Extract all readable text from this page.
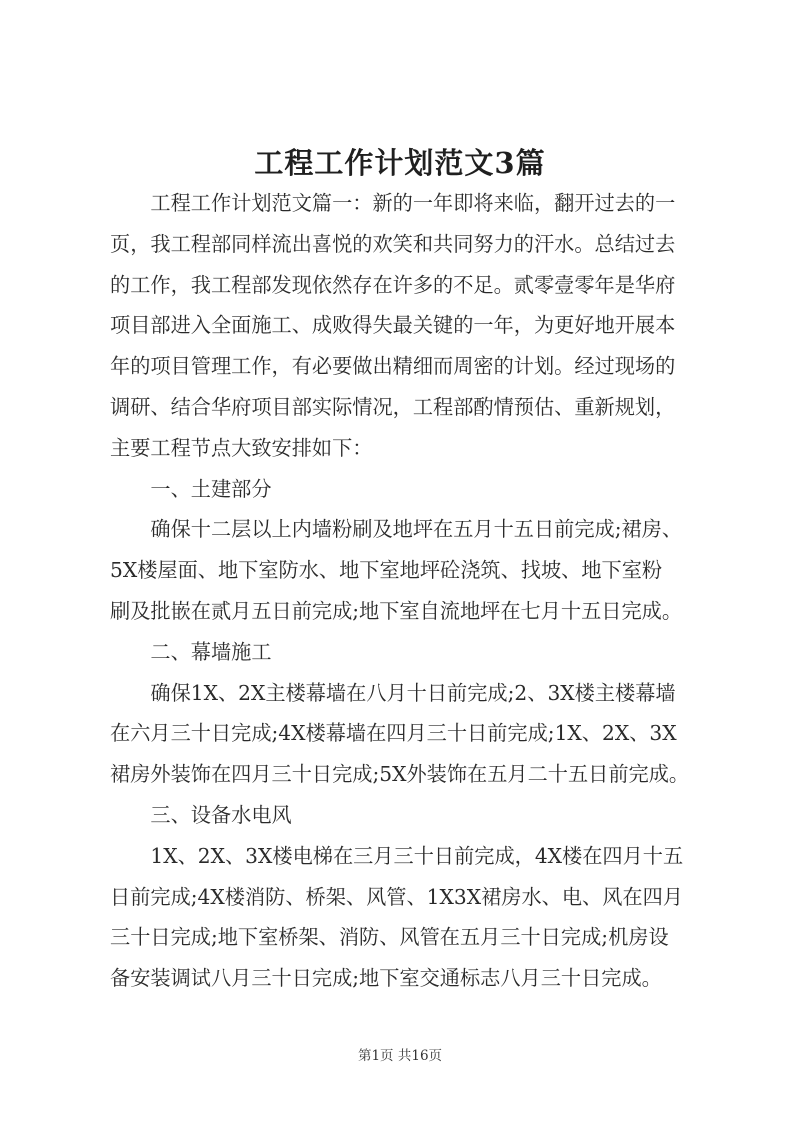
工程工作计划范文3篇
　　工程工作计划范文篇一：新的一年即将来临，翻开过去的一
页，我工程部同样流出喜悦的欢笑和共同努力的汗水。总结过去
的工作，我工程部发现依然存在许多的不足。贰零壹零年是华府
项目部进入全面施工、成败得失最关键的一年，为更好地开展本
年的项目管理工作，有必要做出精细而周密的计划。经过现场的
调研、结合华府项目部实际情况，工程部酌情预估、重新规划，
主要工程节点大致安排如下：
　　一、土建部分
　　确保十二层以上内墙粉刷及地坪在五月十五日前完成;裙房、
5X楼屋面、地下室防水、地下室地坪砼浇筑、找坡、地下室粉
刷及批嵌在贰月五日前完成;地下室自流地坪在七月十五日完成。
　　二、幕墙施工
　　确保1X、2X主楼幕墙在八月十日前完成;2、3X楼主楼幕墙
在六月三十日完成;4X楼幕墙在四月三十日前完成;1X、2X、3X
裙房外装饰在四月三十日完成;5X外装饰在五月二十五日前完成。
　　三、设备水电风
　　1X、2X、3X楼电梯在三月三十日前完成，4X楼在四月十五
日前完成;4X楼消防、桥架、风管、1X3X裙房水、电、风在四月
三十日完成;地下室桥架、消防、风管在五月三十日完成;机房设
备安装调试八月三十日完成;地下室交通标志八月三十日完成。
第1页 共16页
